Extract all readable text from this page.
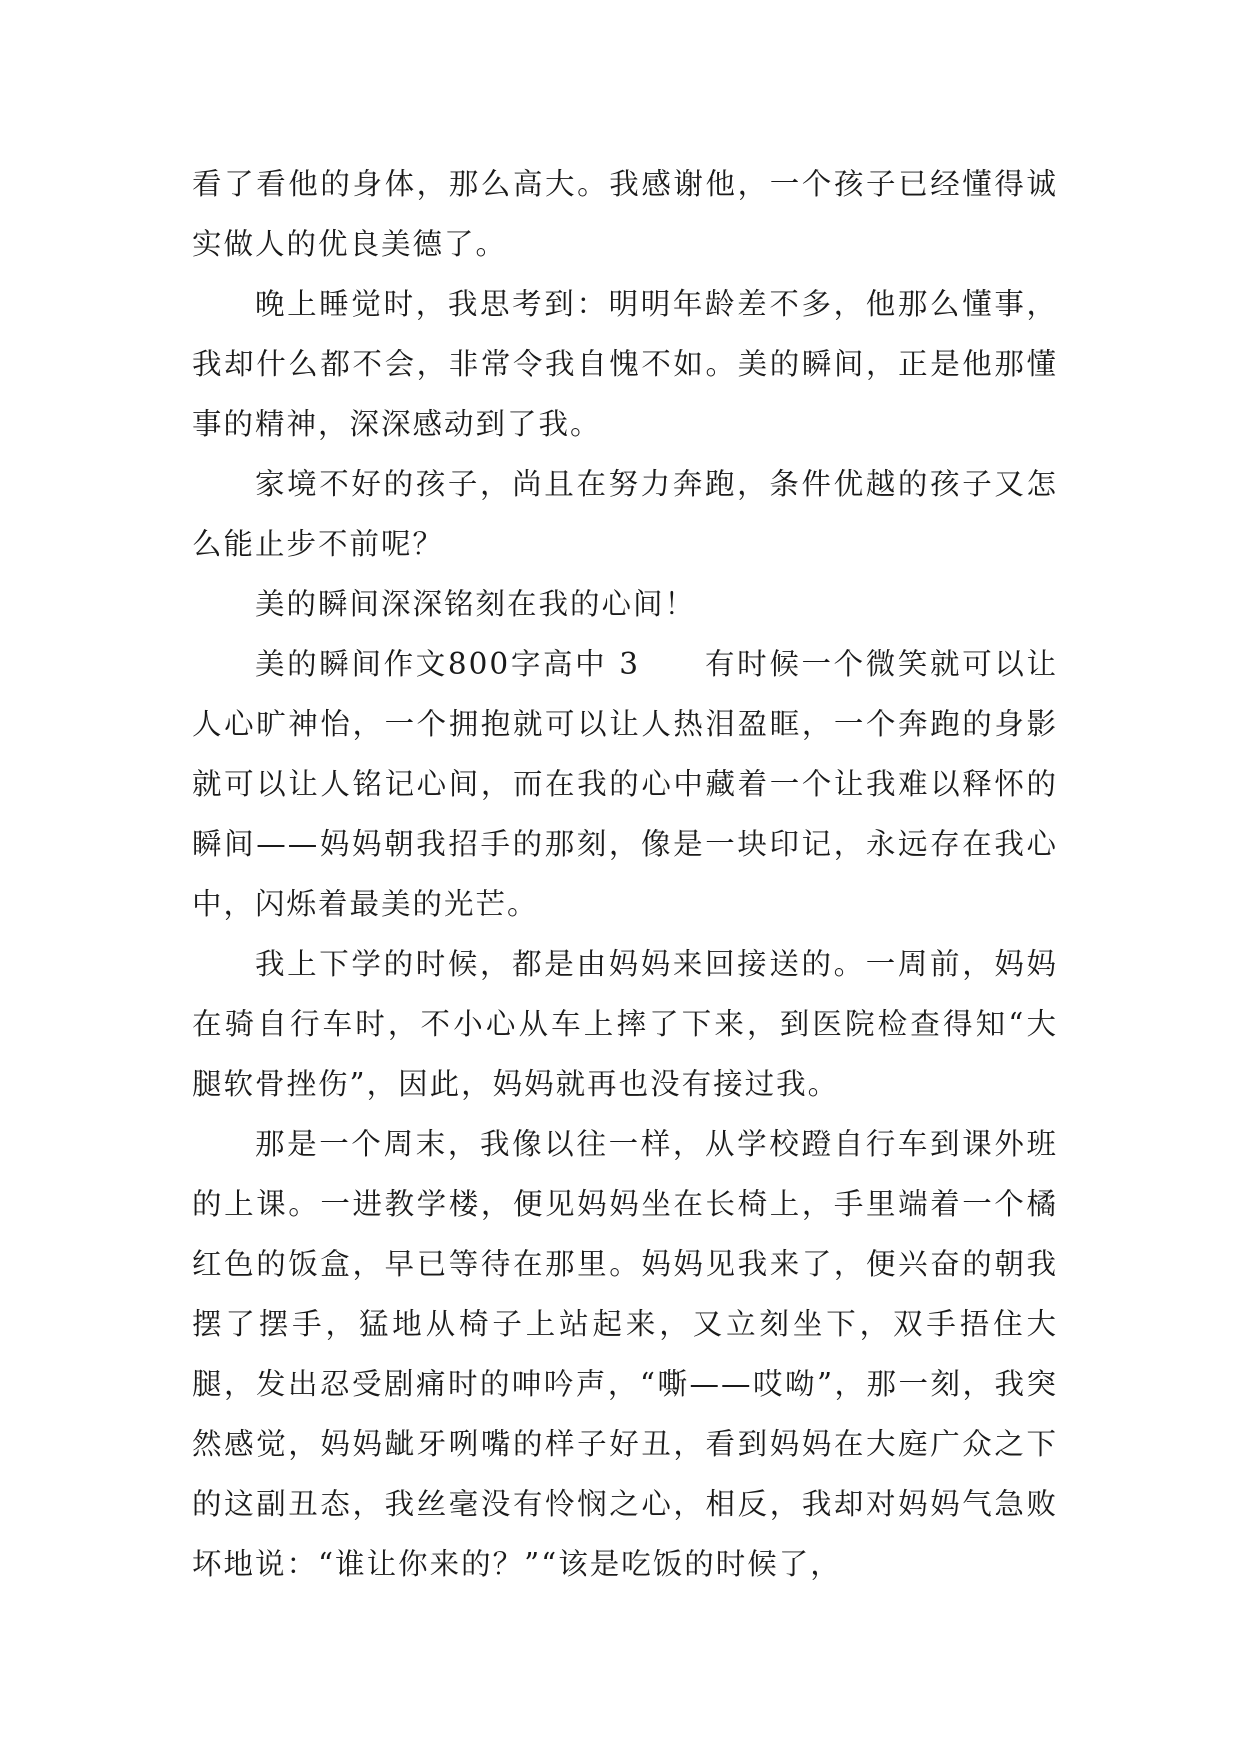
看了看他的身体，那么高大。我感谢他，一个孩子已经懂得诚实做人的优良美德了。

晚上睡觉时，我思考到：明明年龄差不多，他那么懂事，我却什么都不会，非常令我自愧不如。美的瞬间，正是他那懂事的精神，深深感动到了我。

家境不好的孩子，尚且在努力奔跑，条件优越的孩子又怎么能止步不前呢？

美的瞬间深深铭刻在我的心间！

美的瞬间作文800字高中 3　　有时候一个微笑就可以让人心旷神怡，一个拥抱就可以让人热泪盈眶，一个奔跑的身影就可以让人铭记心间，而在我的心中藏着一个让我难以释怀的瞬间——妈妈朝我招手的那刻，像是一块印记，永远存在我心中，闪烁着最美的光芒。

我上下学的时候，都是由妈妈来回接送的。一周前，妈妈在骑自行车时，不小心从车上摔了下来，到医院检查得知“大腿软骨挫伤”，因此，妈妈就再也没有接过我。

那是一个周末，我像以往一样，从学校蹬自行车到课外班的上课。一进教学楼，便见妈妈坐在长椅上，手里端着一个橘红色的饭盒，早已等待在那里。妈妈见我来了，便兴奋的朝我摆了摆手，猛地从椅子上站起来，又立刻坐下，双手捂住大腿，发出忍受剧痛时的呻吟声，“嘶——哎呦”，那一刻，我突然感觉，妈妈龇牙咧嘴的样子好丑，看到妈妈在大庭广众之下的这副丑态，我丝毫没有怜悯之心，相反，我却对妈妈气急败坏地说：“谁让你来的？”“该是吃饭的时候了，
